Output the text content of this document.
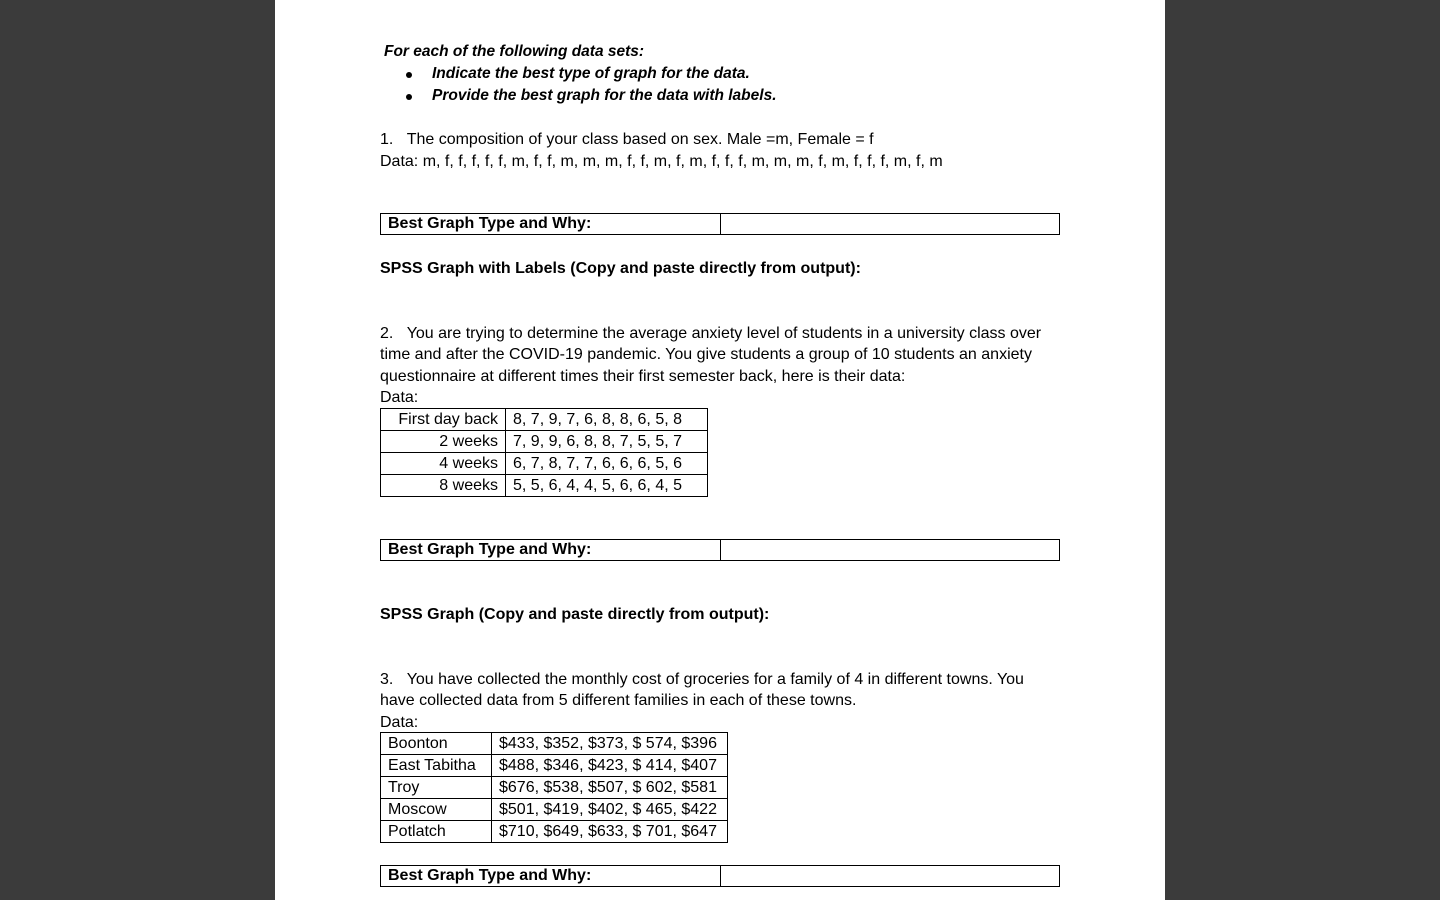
For each of the following data sets:
Indicate the best type of graph for the data.
Provide the best graph for the data with labels.
1. The composition of your class based on sex. Male =m, Female = f
Data: m, f, f, f, f, f, m, f, f, m, m, m, f, f, m, f, m, f, f, f, m, m, m, f, m, f, f, f, m, f, m
Best Graph Type and Why:
SPSS Graph with Labels (Copy and paste directly from output):
2. You are trying to determine the average anxiety level of students in a university class over
time and after the COVID-19 pandemic. You give students a group of 10 students an anxiety
questionnaire at different times their first semester back, here is their data:
Data:
First day back	8, 7, 9, 7, 6, 8, 8, 6, 5, 8
2 weeks	7, 9, 9, 6, 8, 8, 7, 5, 5, 7
4 weeks	6, 7, 8, 7, 7, 6, 6, 6, 5, 6
8 weeks	5, 5, 6, 4, 4, 5, 6, 6, 4, 5
Best Graph Type and Why:
SPSS Graph (Copy and paste directly from output):
3. You have collected the monthly cost of groceries for a family of 4 in different towns. You
have collected data from 5 different families in each of these towns.
Data:
Boonton	$433, $352, $373, $ 574, $396
East Tabitha	$488, $346, $423, $ 414, $407
Troy	$676, $538, $507, $ 602, $581
Moscow	$501, $419, $402, $ 465, $422
Potlatch	$710, $649, $633, $ 701, $647
Best Graph Type and Why:
